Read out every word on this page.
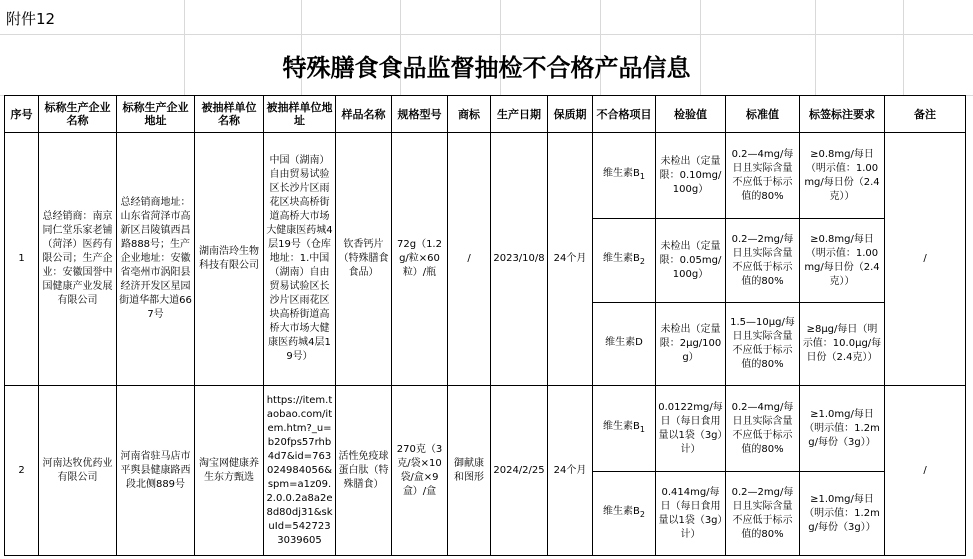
附件12
特殊膳食食品监督抽检不合格产品信息
序号	标称生产企业名称	标称生产企业地址	被抽样单位名称	被抽样单位地址	样品名称	规格型号	商标	生产日期	保质期	不合格项目	检验值	标准值	标签标注要求	备注

1	总经销商：南京同仁堂乐家老铺（菏泽）医药有限公司；生产企业：安徽国誉中国健康产业发展有限公司	总经销商地址：山东省菏泽市高新区吕陵镇西昌路888号；生产企业地址：安徽省亳州市涡阳县经济开发区星园街道华都大道667号	湖南浩玲生物科技有限公司	中国（湖南）自由贸易试验区长沙片区雨花区块高桥街道高桥大市场大健康医药城4层19号（仓库地址：1.中国（湖南）自由贸易试验区长沙片区雨花区块高桥街道高桥大市场大健康医药城4层19号）	钦香钙片（特殊膳食食品）	72g（1.2g/粒×60粒）/瓶	/	2023/10/8	24个月	维生素$B_1$	未检出（定量限：0.10mg/100g）	0.2—4mg/每日且实际含量不应低于标示值的80%	≥0.8mg/每日（明示值：1.00mg/每日份（2.4克））	/
										维生素$B_2$	未检出（定量限：0.05mg/100g）	0.2—2mg/每日且实际含量不应低于标示值的80%	≥0.8mg/每日（明示值：1.00mg/每日份（2.4克））	
										维生素D	未检出（定量限：2μg/100g）	1.5—10μg/每日且实际含量不应低于标示值的80%	≥8μg/每日（明示值：10.0μg/每日份（2.4克））	
2	河南达牧优药业有限公司	河南省驻马店市平舆县健康路西段北侧889号	淘宝网健康养生东方甄选	https://item.taobao.com/item.htm?_u=b20fps57rhb4d7&id=763024984056&spm=a1z09.2.0.0.2a8a2e8d80dj31&skuId=5427233039605	活性免疫球蛋白肽（特殊膳食）	270克（3克/袋×10袋/盒×9盒）/盒	御献康和图形	2024/2/25	24个月	维生素$B_1$	0.0122mg/每日（每日食用量以1袋（3g）计）	0.2—4mg/每日且实际含量不应低于标示值的80%	≥1.0mg/每日（明示值：1.2mg/每份（3g））	/
										维生素$B_2$	0.414mg/每日（每日食用量以1袋（3g）计）	0.2—2mg/每日且实际含量不应低于标示值的80%	≥1.0mg/每日（明示值：1.2mg/每份（3g））	
